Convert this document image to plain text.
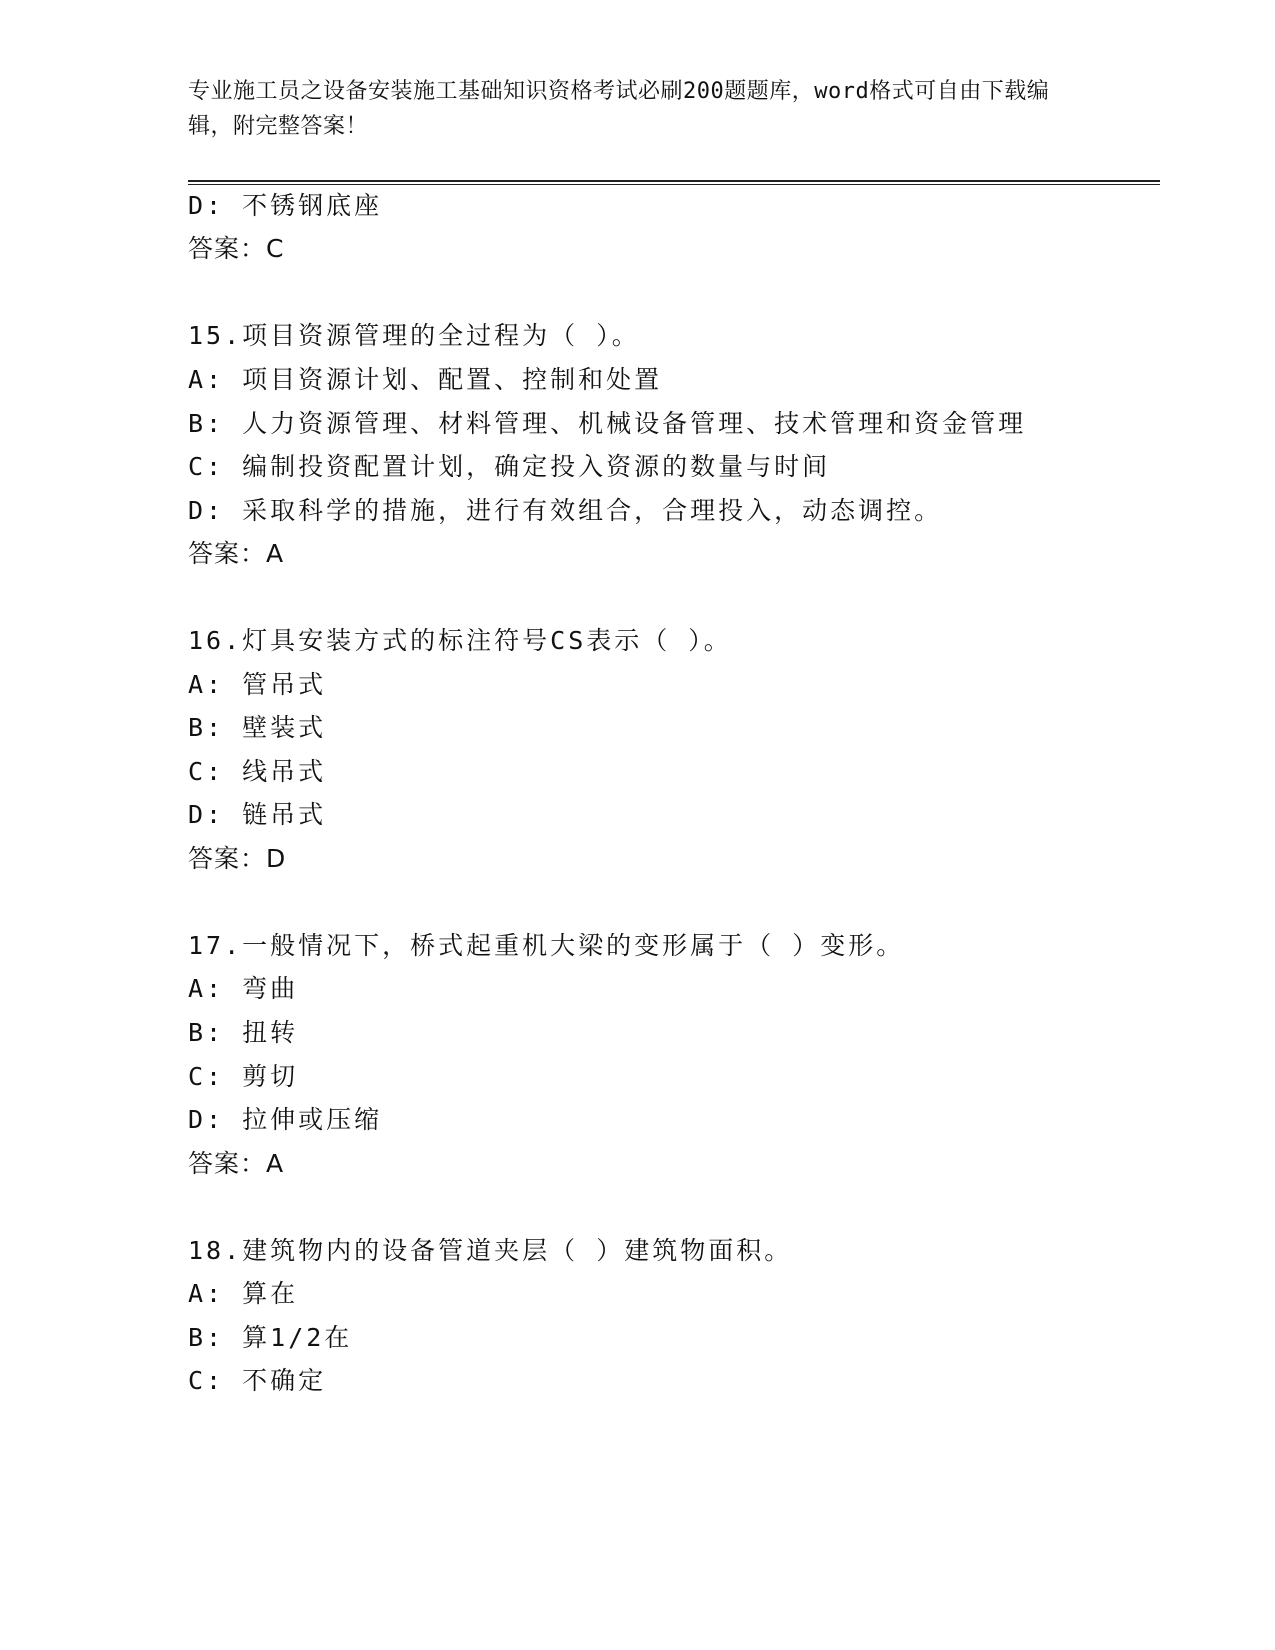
专业施工员之设备安装施工基础知识资格考试必刷200题题库，word格式可自由下载编辑，附完整答案！
D: 不锈钢底座
答案：C
15.项目资源管理的全过程为（ ）。
A: 项目资源计划、配置、控制和处置
B: 人力资源管理、材料管理、机械设备管理、技术管理和资金管理
C: 编制投资配置计划，确定投入资源的数量与时间
D: 采取科学的措施，进行有效组合，合理投入，动态调控。
答案：A
16.灯具安装方式的标注符号CS表示（ ）。
A: 管吊式
B: 壁装式
C: 线吊式
D: 链吊式
答案：D
17.一般情况下，桥式起重机大梁的变形属于（ ）变形。
A: 弯曲
B: 扭转
C: 剪切
D: 拉伸或压缩
答案：A
18.建筑物内的设备管道夹层（ ）建筑物面积。
A: 算在
B: 算1/2在
C: 不确定
